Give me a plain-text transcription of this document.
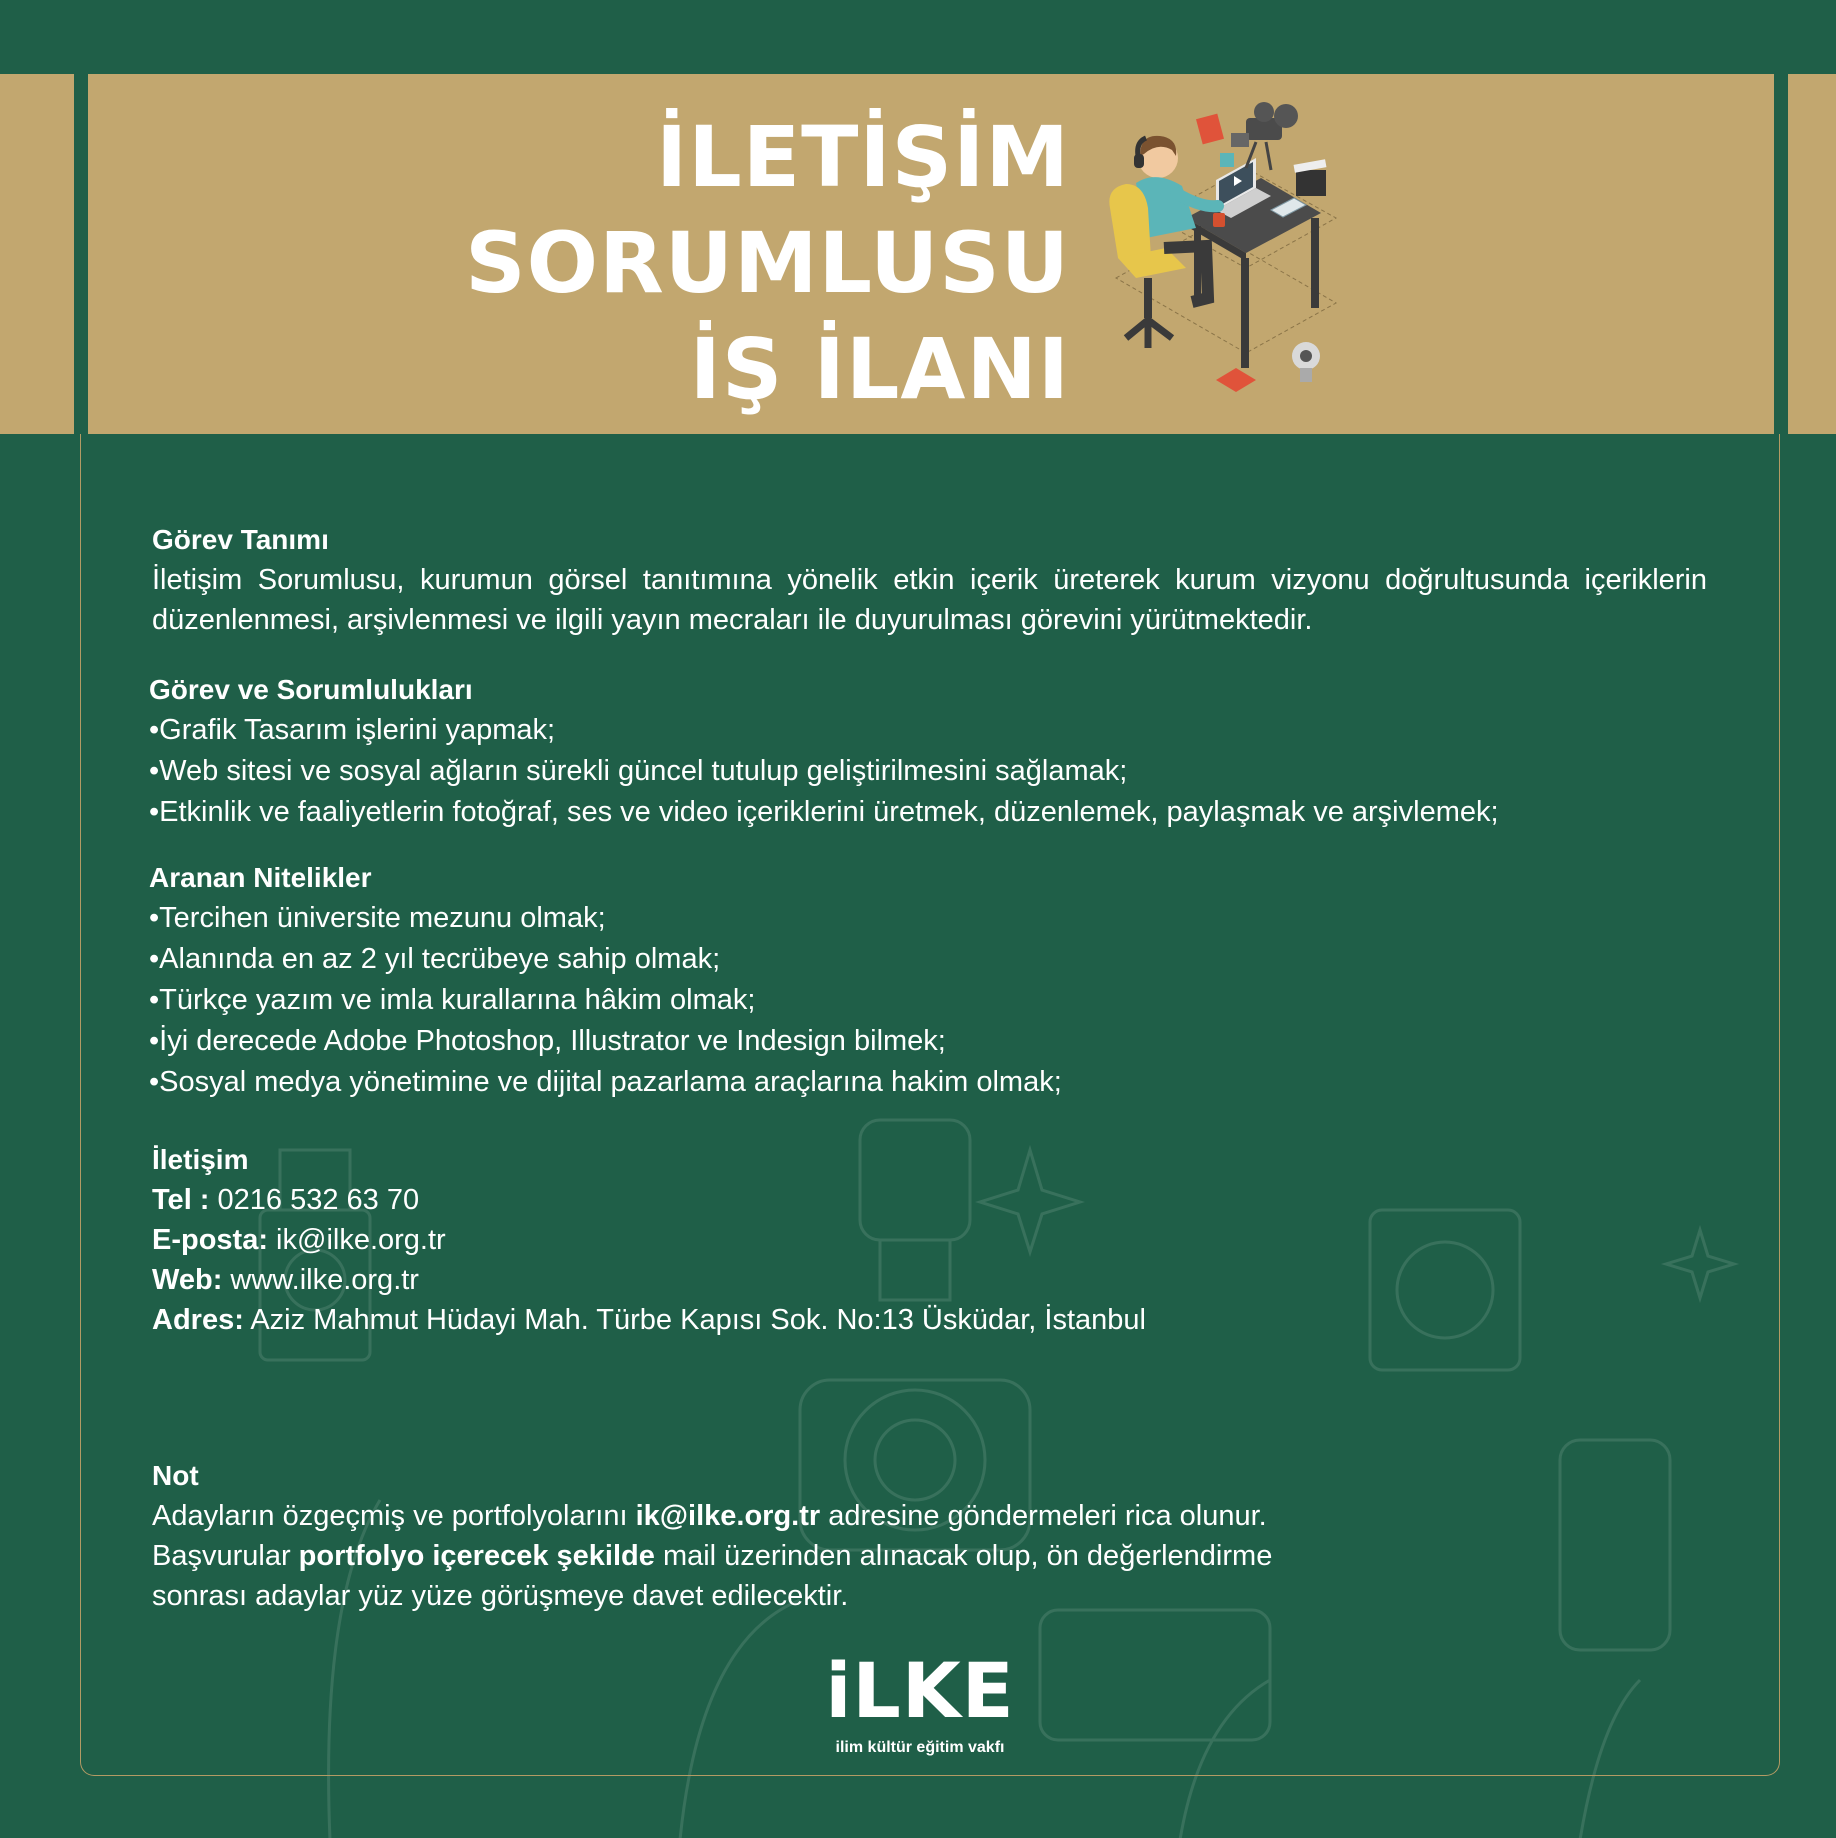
İLETİŞİM
SORUMLUSU
İŞ İLANI
Görev Tanımı
İletişim Sorumlusu, kurumun görsel tanıtımına yönelik etkin içerik üreterek kurum vizyonu doğrultusunda içeriklerin düzenlenmesi, arşivlenmesi ve ilgili yayın mecraları ile duyurulması görevini yürütmektedir.
Görev ve Sorumlulukları
•Grafik Tasarım işlerini yapmak;
•Web sitesi ve sosyal ağların sürekli güncel tutulup geliştirilmesini sağlamak;
•Etkinlik ve faaliyetlerin fotoğraf, ses ve video içeriklerini üretmek, düzenlemek, paylaşmak ve arşivlemek;
Aranan Nitelikler
•Tercihen üniversite mezunu olmak;
•Alanında en az 2 yıl tecrübeye sahip olmak;
•Türkçe yazım ve imla kurallarına hâkim olmak;
•İyi derecede Adobe Photoshop, Illustrator ve Indesign bilmek;
•Sosyal medya yönetimine ve dijital pazarlama araçlarına hakim olmak;
İletişim
Tel : 0216 532 63 70
E-posta: ik@ilke.org.tr
Web: www.ilke.org.tr
Adres: Aziz Mahmut Hüdayi Mah. Türbe Kapısı Sok. No:13 Üsküdar, İstanbul
Not
Adayların özgeçmiş ve portfolyolarını ik@ilke.org.tr adresine göndermeleri rica olunur.
Başvurular portfolyo içerecek şekilde mail üzerinden alınacak olup, ön değerlendirme
sonrası adaylar yüz yüze görüşmeye davet edilecektir.
iLKE
ilim kültür eğitim vakfı
